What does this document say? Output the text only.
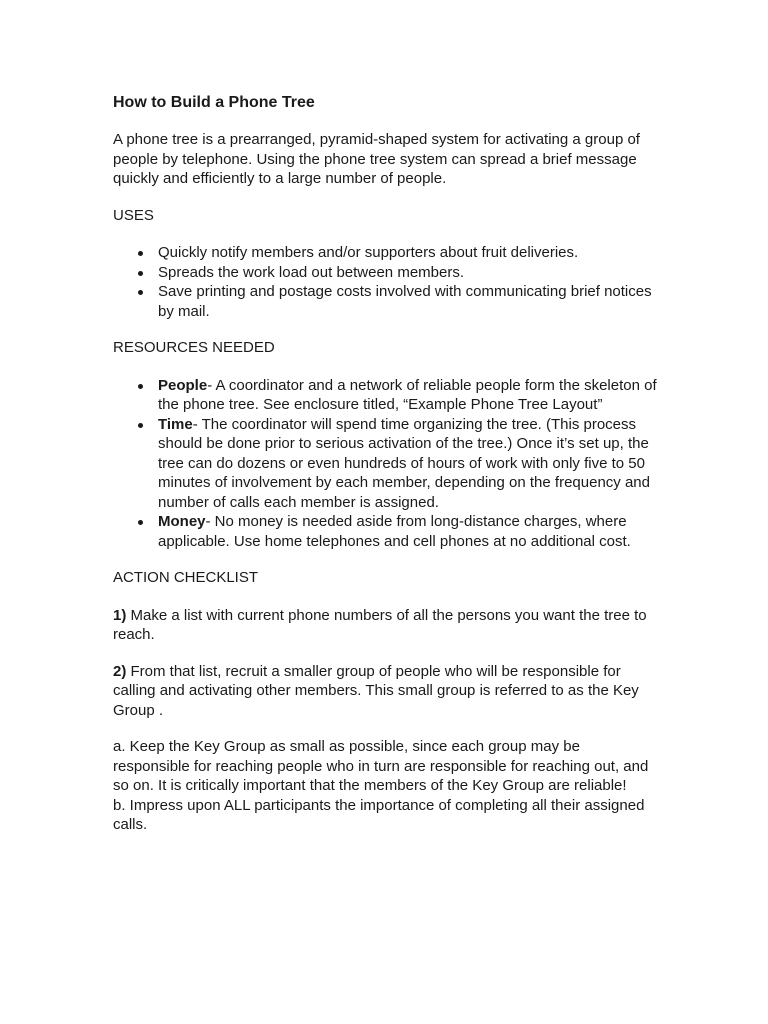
How to Build a Phone Tree
A phone tree is a prearranged, pyramid-shaped system for activating a group of people by telephone. Using the phone tree system can spread a brief message quickly and efficiently to a large number of people.
USES
Quickly notify members and/or supporters about fruit deliveries.
Spreads the work load out between members.
Save printing and postage costs involved with communicating brief notices by mail.
RESOURCES NEEDED
People- A coordinator and a network of reliable people form the skeleton of the phone tree. See enclosure titled, “Example Phone Tree Layout”
Time- The coordinator will spend time organizing the tree. (This process should be done prior to serious activation of the tree.) Once it’s set up, the tree can do dozens or even hundreds of hours of work with only five to 50 minutes of involvement by each member, depending on the frequency and number of calls each member is assigned.
Money- No money is needed aside from long-distance charges, where applicable. Use home telephones and cell phones at no additional cost.
ACTION CHECKLIST
1) Make a list with current phone numbers of all the persons you want the tree to reach.
2) From that list, recruit a smaller group of people who will be responsible for calling and activating other members. This small group is referred to as the Key Group .
a. Keep the Key Group as small as possible, since each group may be responsible for reaching people who in turn are responsible for reaching out, and so on. It is critically important that the members of the Key Group are reliable!
b. Impress upon ALL participants the importance of completing all their assigned calls.
